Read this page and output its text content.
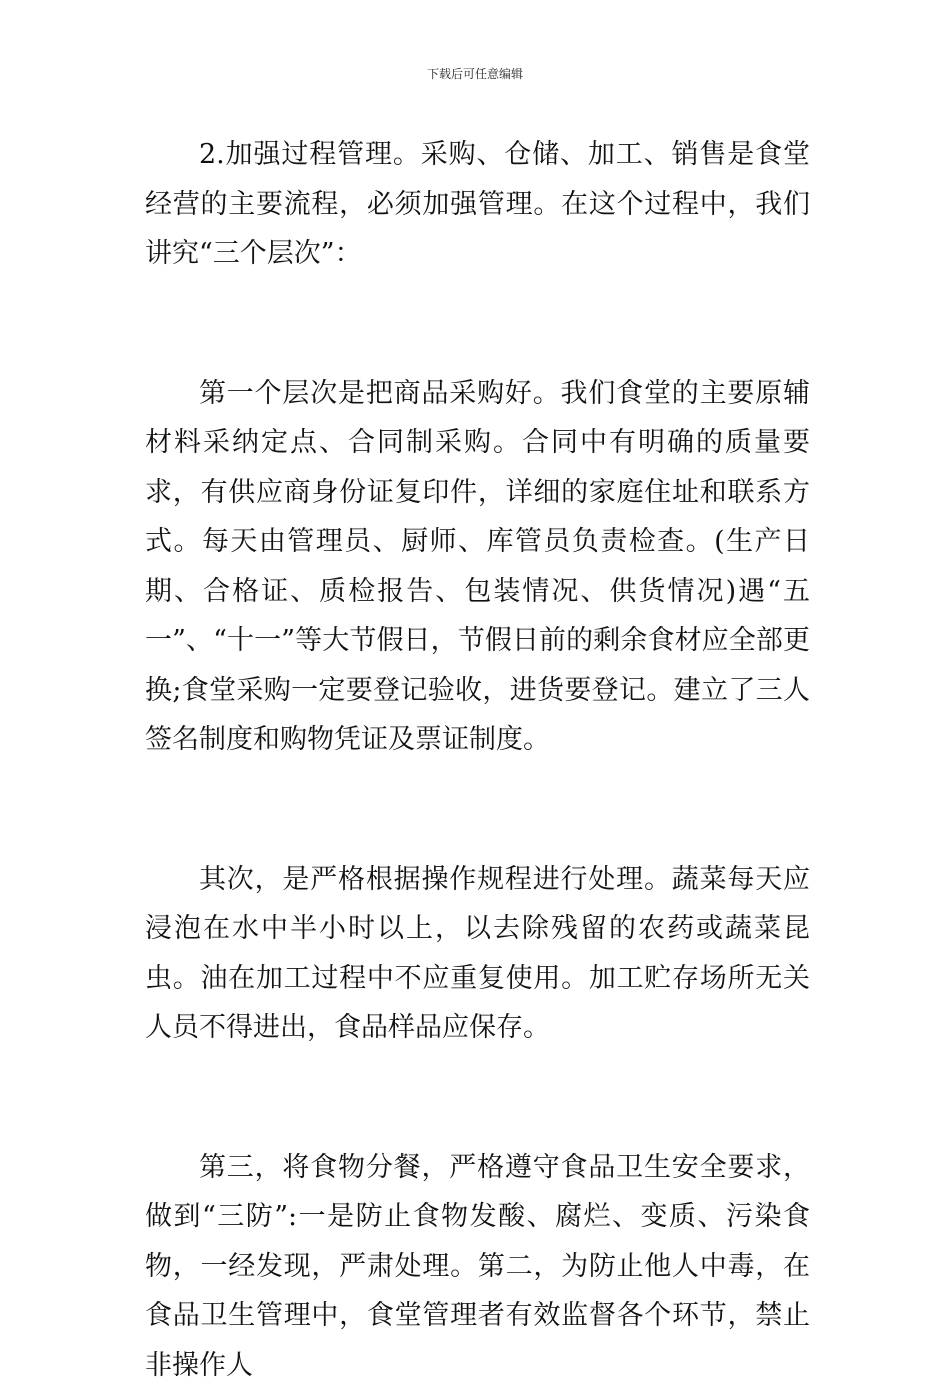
下载后可任意编辑

2.加强过程管理。采购、仓储、加工、销售是食堂经营的主要流程，必须加强管理。在这个过程中，我们讲究“三个层次”：

第一个层次是把商品采购好。我们食堂的主要原辅材料采纳定点、合同制采购。合同中有明确的质量要求，有供应商身份证复印件，详细的家庭住址和联系方式。每天由管理员、厨师、库管员负责检查。(生产日期、合格证、质检报告、包装情况、供货情况)遇“五一”、“十一”等大节假日，节假日前的剩余食材应全部更换;食堂采购一定要登记验收，进货要登记。建立了三人签名制度和购物凭证及票证制度。

其次，是严格根据操作规程进行处理。蔬菜每天应浸泡在水中半小时以上，以去除残留的农药或蔬菜昆虫。油在加工过程中不应重复使用。加工贮存场所无关人员不得进出，食品样品应保存。

第三，将食物分餐，严格遵守食品卫生安全要求，做到“三防”:一是防止食物发酸、腐烂、变质、污染食物，一经发现，严肃处理。第二，为防止他人中毒，在食品卫生管理中，食堂管理者有效监督各个环节，禁止非操作人
